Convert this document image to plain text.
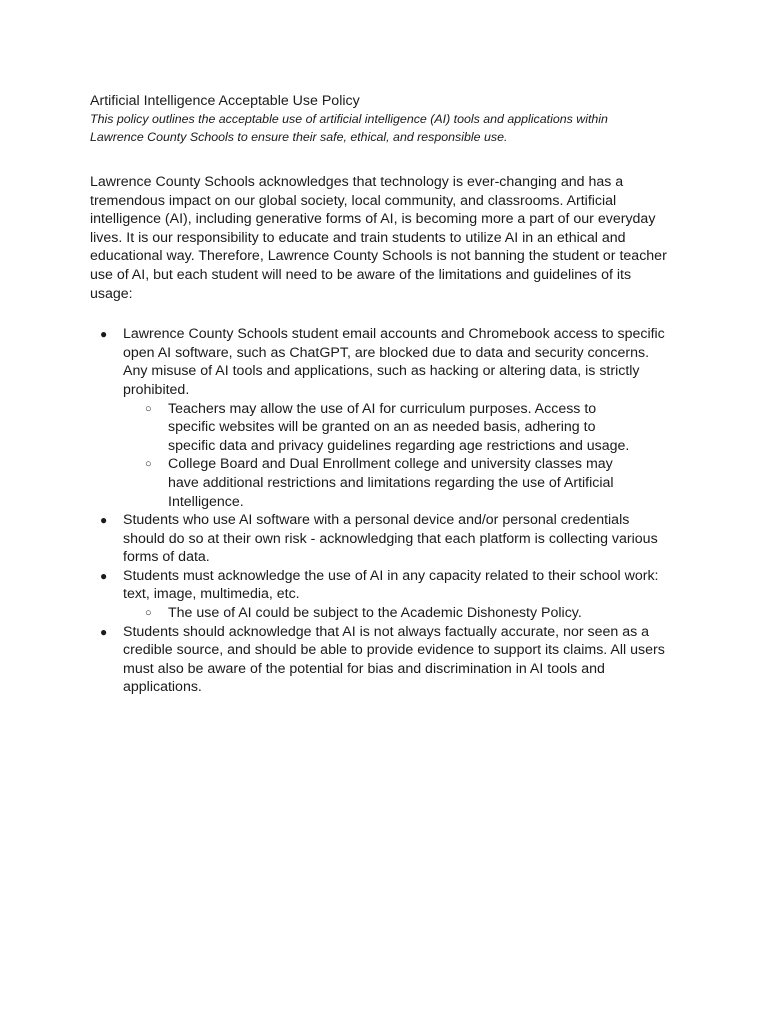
Artificial Intelligence Acceptable Use Policy

This policy outlines the acceptable use of artificial intelligence (AI) tools and applications within Lawrence County Schools to ensure their safe, ethical, and responsible use.

Lawrence County Schools acknowledges that technology is ever-changing and has a tremendous impact on our global society, local community, and classrooms. Artificial intelligence (AI), including generative forms of AI, is becoming more a part of our everyday lives. It is our responsibility to educate and train students to utilize AI in an ethical and educational way. Therefore, Lawrence County Schools is not banning the student or teacher use of AI, but each student will need to be aware of the limitations and guidelines of its usage:

● Lawrence County Schools student email accounts and Chromebook access to specific open AI software, such as ChatGPT, are blocked due to data and security concerns. Any misuse of AI tools and applications, such as hacking or altering data, is strictly prohibited.
○ Teachers may allow the use of AI for curriculum purposes. Access to specific websites will be granted on an as needed basis, adhering to specific data and privacy guidelines regarding age restrictions and usage.
○ College Board and Dual Enrollment college and university classes may have additional restrictions and limitations regarding the use of Artificial Intelligence.
● Students who use AI software with a personal device and/or personal credentials should do so at their own risk - acknowledging that each platform is collecting various forms of data.
● Students must acknowledge the use of AI in any capacity related to their school work: text, image, multimedia, etc.
○ The use of AI could be subject to the Academic Dishonesty Policy.
● Students should acknowledge that AI is not always factually accurate, nor seen as a credible source, and should be able to provide evidence to support its claims. All users must also be aware of the potential for bias and discrimination in AI tools and applications.
